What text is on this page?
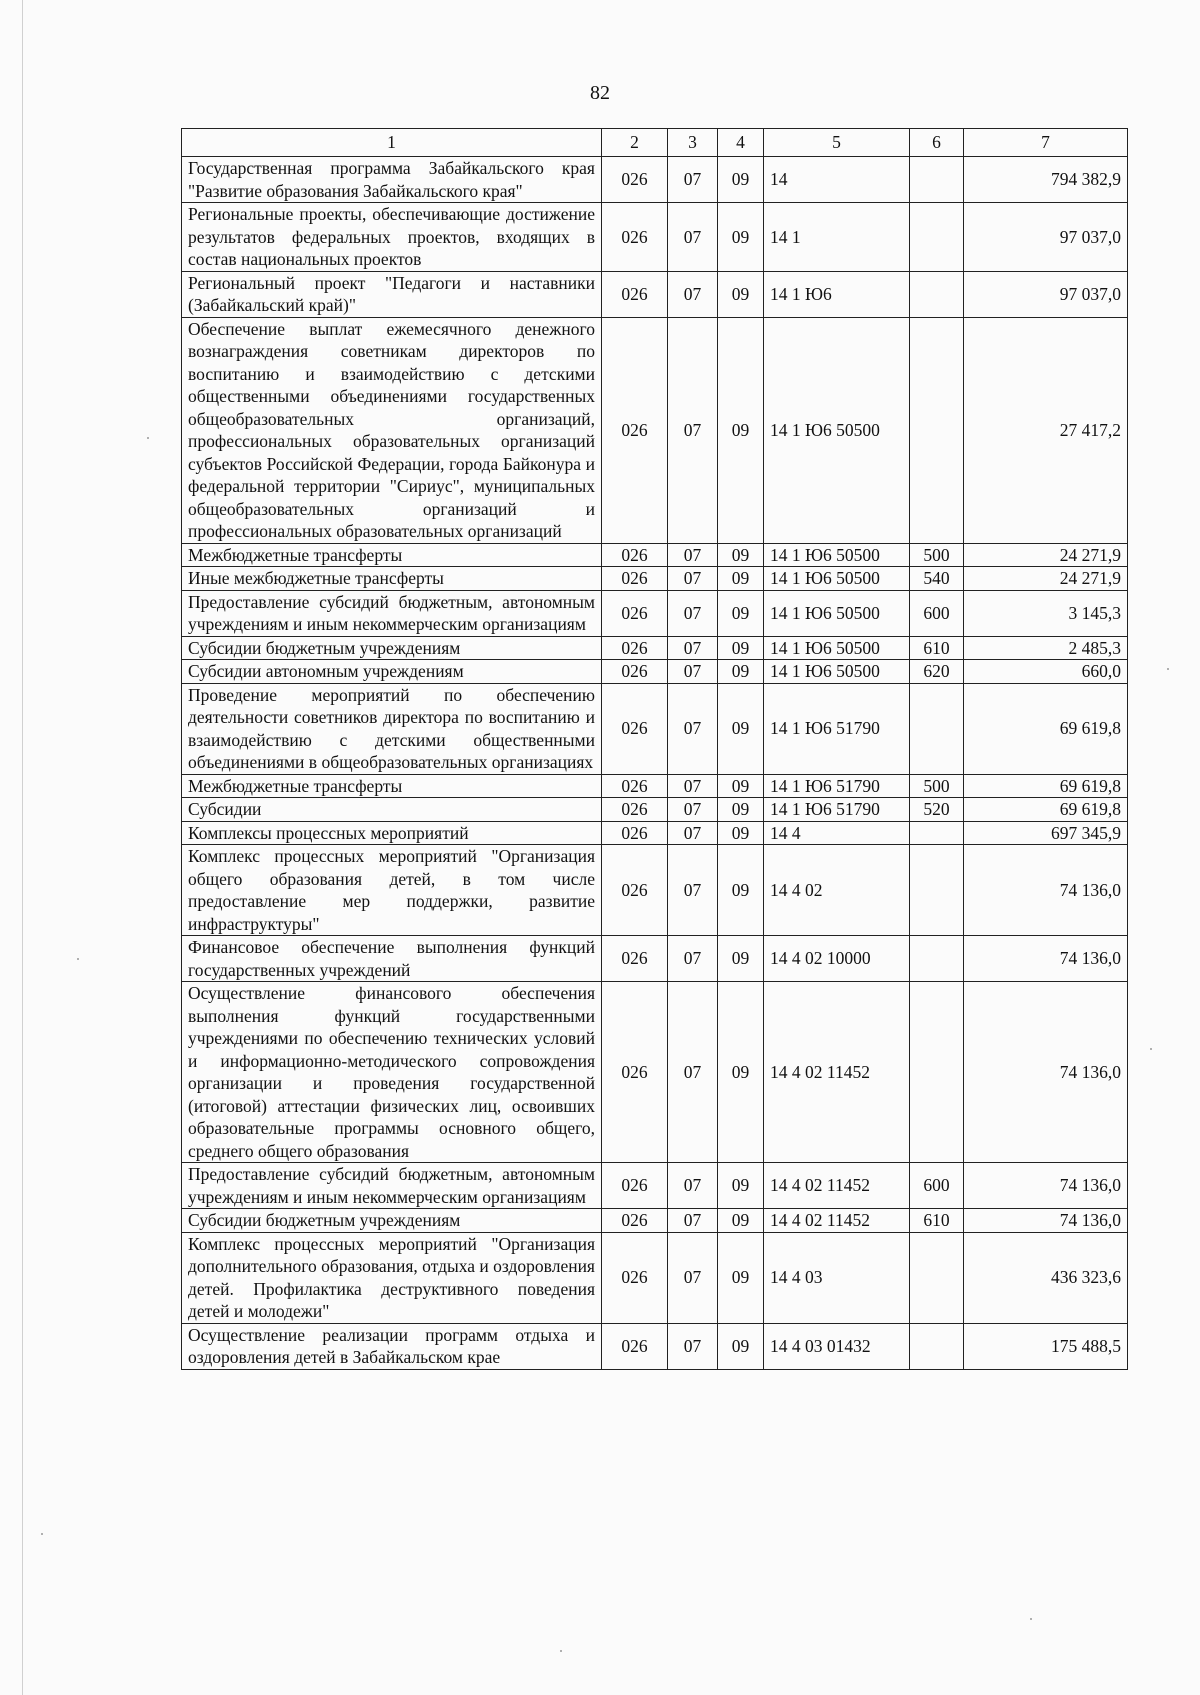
82
1	2	3	4	5	6	7
Государственная программа Забайкальского края "Развитие образования Забайкальского края"	026	07	09	14		794 382,9
Региональные проекты, обеспечивающие достижение результатов федеральных проектов, входящих в состав национальных проектов	026	07	09	14 1		97 037,0
Региональный проект "Педагоги и наставники (Забайкальский край)"	026	07	09	14 1 Ю6		97 037,0
Обеспечение выплат ежемесячного денежного вознаграждения советникам директоров по воспитанию и взаимодействию с детскими общественными объединениями государственных общеобразовательных организаций, профессиональных образовательных организаций субъектов Российской Федерации, города Байконура и федеральной территории "Сириус", муниципальных общеобразовательных организаций и профессиональных образовательных организаций	026	07	09	14 1 Ю6 50500		27 417,2
Межбюджетные трансферты	026	07	09	14 1 Ю6 50500	500	24 271,9
Иные межбюджетные трансферты	026	07	09	14 1 Ю6 50500	540	24 271,9
Предоставление субсидий бюджетным, автономным учреждениям и иным некоммерческим организациям	026	07	09	14 1 Ю6 50500	600	3 145,3
Субсидии бюджетным учреждениям	026	07	09	14 1 Ю6 50500	610	2 485,3
Субсидии автономным учреждениям	026	07	09	14 1 Ю6 50500	620	660,0
Проведение мероприятий по обеспечению деятельности советников директора по воспитанию и взаимодействию с детскими общественными объединениями в общеобразовательных организациях	026	07	09	14 1 Ю6 51790		69 619,8
Межбюджетные трансферты	026	07	09	14 1 Ю6 51790	500	69 619,8
Субсидии	026	07	09	14 1 Ю6 51790	520	69 619,8
Комплексы процессных мероприятий	026	07	09	14 4		697 345,9
Комплекс процессных мероприятий "Организация общего образования детей, в том числе предоставление мер поддержки, развитие инфраструктуры"	026	07	09	14 4 02		74 136,0
Финансовое обеспечение выполнения функций государственных учреждений	026	07	09	14 4 02 10000		74 136,0
Осуществление финансового обеспечения выполнения функций государственными учреждениями по обеспечению технических условий и информационно-методического сопровождения организации и проведения государственной (итоговой) аттестации физических лиц, освоивших образовательные программы основного общего, среднего общего образования	026	07	09	14 4 02 11452		74 136,0
Предоставление субсидий бюджетным, автономным учреждениям и иным некоммерческим организациям	026	07	09	14 4 02 11452	600	74 136,0
Субсидии бюджетным учреждениям	026	07	09	14 4 02 11452	610	74 136,0
Комплекс процессных мероприятий "Организация дополнительного образования, отдыха и оздоровления детей. Профилактика деструктивного поведения детей и молодежи"	026	07	09	14 4 03		436 323,6
Осуществление реализации программ отдыха и оздоровления детей в Забайкальском крае	026	07	09	14 4 03 01432		175 488,5
